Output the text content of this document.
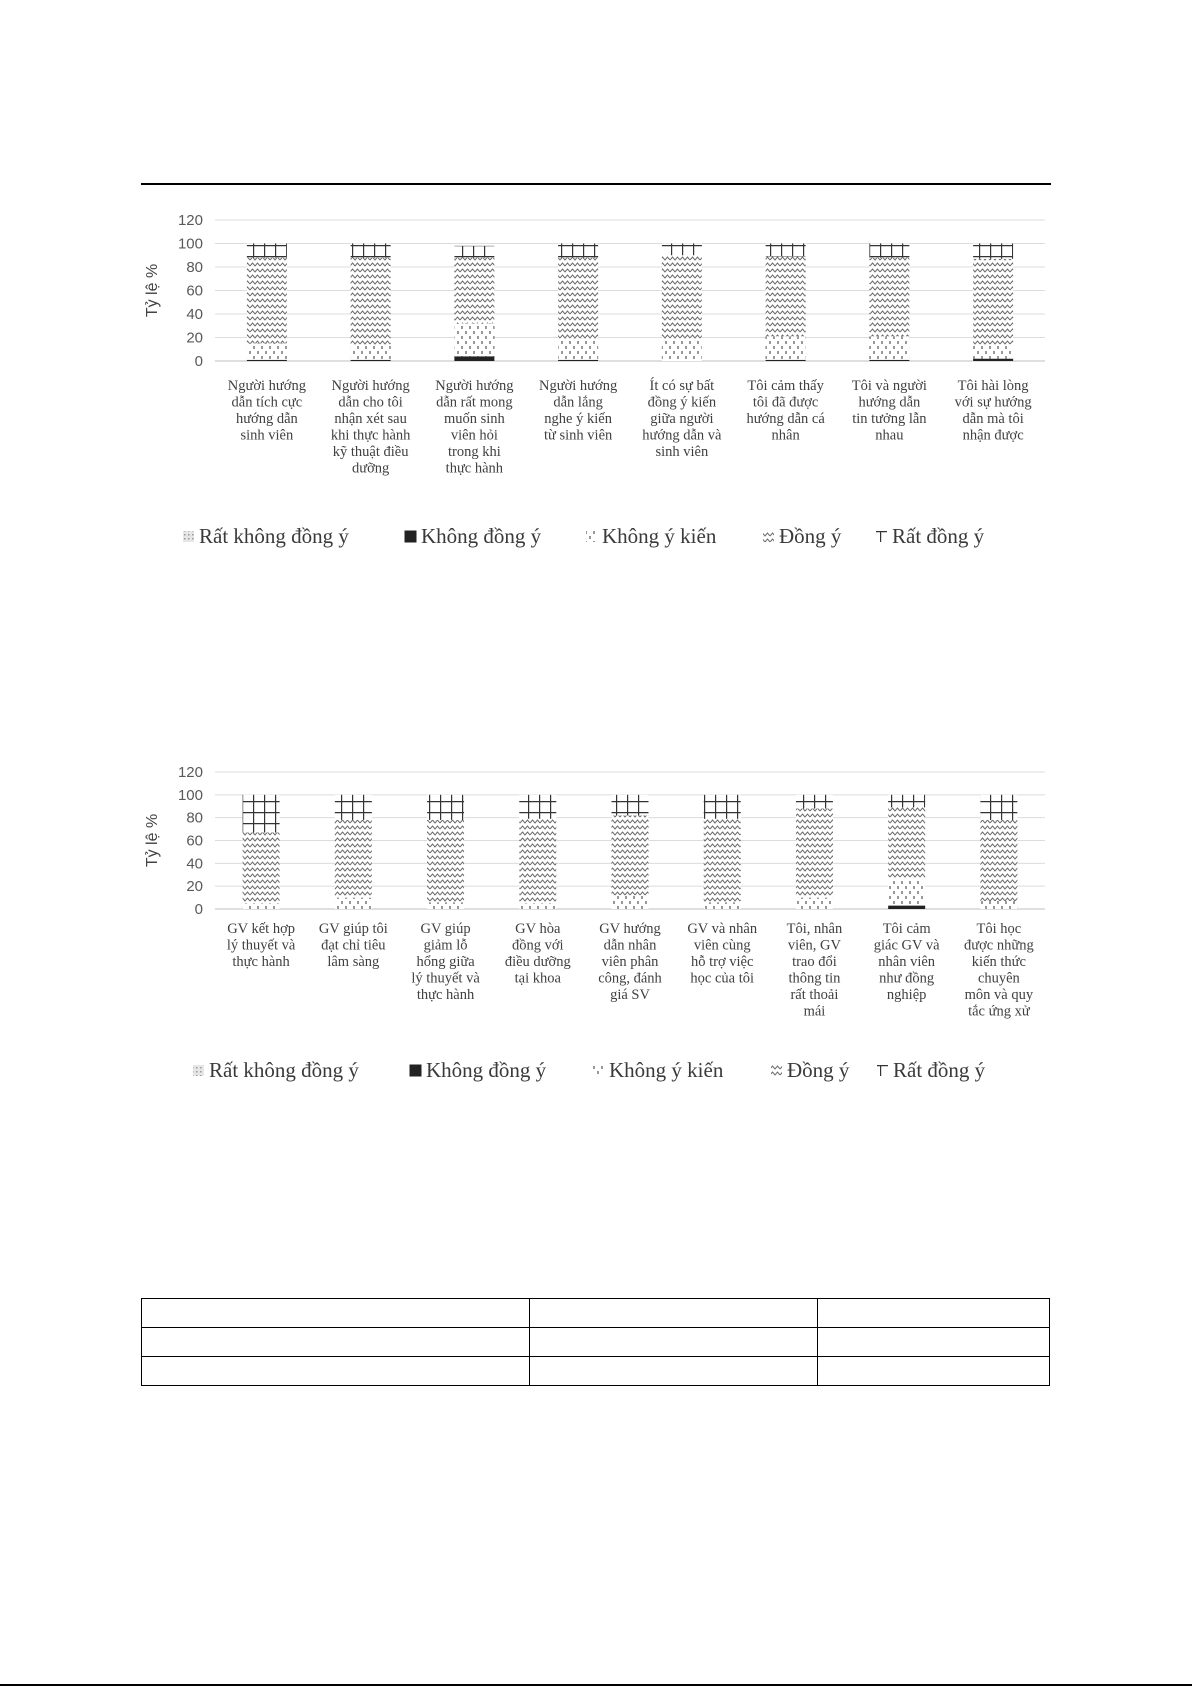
0
20
40
60
80
100
120
Tỷ lệ %
Người hướng dẫn tích cực hướng dẫn sinh viên
Người hướng dẫn cho tôi nhận xét sau khi thực hành kỹ thuật điều dưỡng
Người hướng dẫn rất mong muốn sinh viên hỏi trong khi thực hành
Người hướng dẫn lắng nghe ý kiến từ sinh viên
Ít có sự bất đồng ý kiến giữa người hướng dẫn và sinh viên
Tôi cảm thấy tôi đã được hướng dẫn cá nhân
Tôi và người hướng dẫn tin tưởng lẫn nhau
Tôi hài lòng với sự hướng dẫn mà tôi nhận được
Rất không đồng ý	Không đồng ý	Không ý kiến	Đồng ý Rất đồng ý
0
20
40
60
80
100
120
Tỷ lệ %
GV kết hợp lý thuyết và thực hành
GV giúp tôi đạt chỉ tiêu lâm sàng
GV giúp giảm lỗ hổng giữa lý thuyết và thực hành
GV hòa đồng với điều dưỡng tại khoa
GV hướng dẫn nhân viên phân công, đánh giá SV
GV và nhân viên cùng hỗ trợ việc học của tôi
Tôi, nhân viên, GV trao đổi thông tin rất thoải mái
Tôi cảm giác GV và nhân viên như đồng nghiệp
Tôi học được những kiến thức chuyên môn và quy tắc ứng xử
Rất không đồng ý	Không đồng ý	Không ý kiến	Đồng ý Rất đồng ý
